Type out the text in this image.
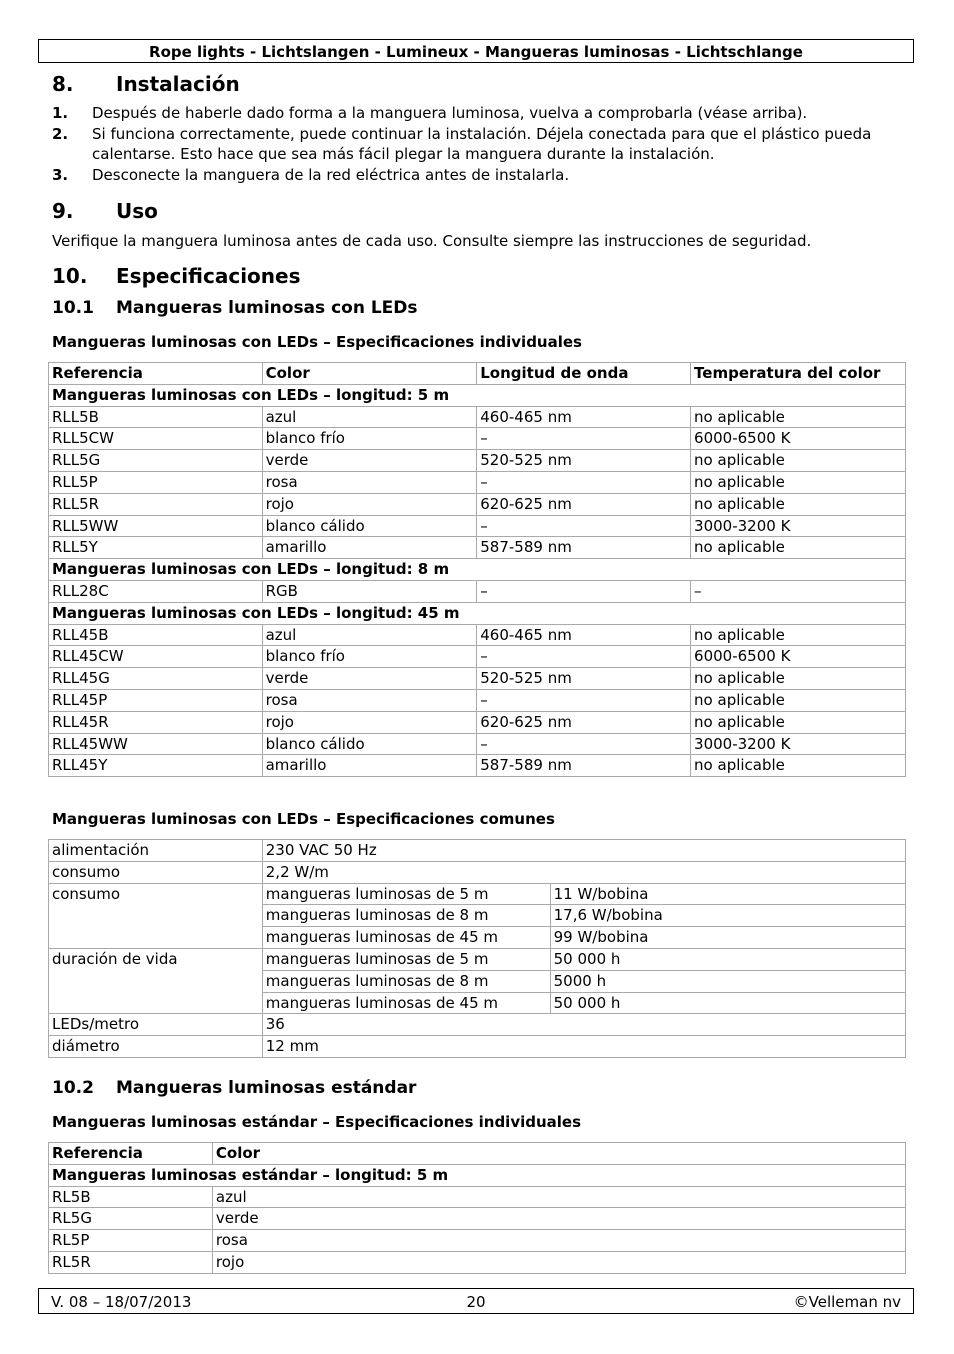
Rope lights - Lichtslangen - Lumineux - Mangueras luminosas - Lichtschlange
8. Instalación
1.	Después de haberle dado forma a la manguera luminosa, vuelva a comprobarla (véase arriba).
2.	Si funciona correctamente, puede continuar la instalación. Déjela conectada para que el plástico pueda calentarse. Esto hace que sea más fácil plegar la manguera durante la instalación.
3.	Desconecte la manguera de la red eléctrica antes de instalarla.
9. Uso
Verifique la manguera luminosa antes de cada uso. Consulte siempre las instrucciones de seguridad.
10. Especificaciones
10.1 Mangueras luminosas con LEDs
Mangueras luminosas con LEDs – Especificaciones individuales
Referencia	Color	Longitud de onda	Temperatura del color
Mangueras luminosas con LEDs – longitud: 5 m			
RLL5B	azul	460-465 nm	no aplicable
RLL5CW	blanco frío	–	6000-6500 K
RLL5G	verde	520-525 nm	no aplicable
RLL5P	rosa	–	no aplicable
RLL5R	rojo	620-625 nm	no aplicable
RLL5WW	blanco cálido	–	3000-3200 K
RLL5Y	amarillo	587-589 nm	no aplicable
Mangueras luminosas con LEDs – longitud: 8 m			
RLL28C	RGB	–	–
Mangueras luminosas con LEDs – longitud: 45 m			
RLL45B	azul	460-465 nm	no aplicable
RLL45CW	blanco frío	–	6000-6500 K
RLL45G	verde	520-525 nm	no aplicable
RLL45P	rosa	–	no aplicable
RLL45R	rojo	620-625 nm	no aplicable
RLL45WW	blanco cálido	–	3000-3200 K
RLL45Y	amarillo	587-589 nm	no aplicable
Mangueras luminosas con LEDs – Especificaciones comunes
alimentación	230 VAC 50 Hz	
consumo	2,2 W/m	
consumo	mangueras luminosas de 5 m	11 W/bobina
	mangueras luminosas de 8 m	17,6 W/bobina
	mangueras luminosas de 45 m	99 W/bobina
duración de vida	mangueras luminosas de 5 m	50 000 h
	mangueras luminosas de 8 m	5000 h
	mangueras luminosas de 45 m	50 000 h
LEDs/metro	36	
diámetro	12 mm	
10.2 Mangueras luminosas estándar
Mangueras luminosas estándar – Especificaciones individuales
Referencia	Color
Mangueras luminosas estándar – longitud: 5 m	
RL5B	azul
RL5G	verde
RL5P	rosa
RL5R	rojo
V. 08 – 18/07/2013	20	©Velleman nv
